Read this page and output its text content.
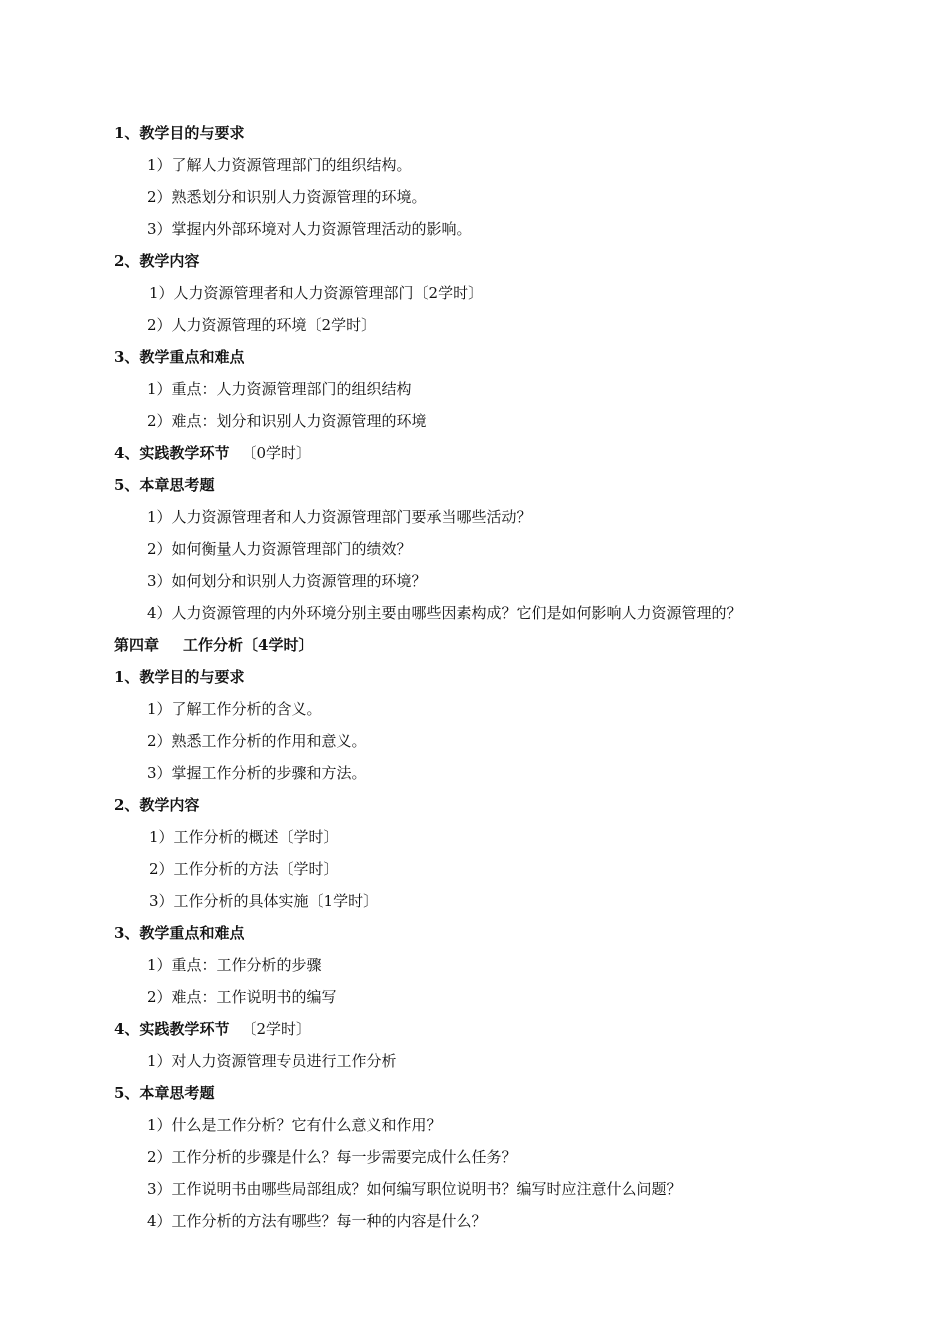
1、教学目的与要求
1）了解人力资源管理部门的组织结构。
2）熟悉划分和识别人力资源管理的环境。
3）掌握内外部环境对人力资源管理活动的影响。
2、教学内容
1）人力资源管理者和人力资源管理部门〔2学时〕
2）人力资源管理的环境〔2学时〕
3、教学重点和难点
1）重点：人力资源管理部门的组织结构
2）难点：划分和识别人力资源管理的环境
4、实践教学环节 〔0学时〕
5、本章思考题
1）人力资源管理者和人力资源管理部门要承当哪些活动？
2）如何衡量人力资源管理部门的绩效？
3）如何划分和识别人力资源管理的环境？
4）人力资源管理的内外环境分别主要由哪些因素构成？它们是如何影响人力资源管理的？
第四章 工作分析〔4学时〕
1、教学目的与要求
1）了解工作分析的含义。
2）熟悉工作分析的作用和意义。
3）掌握工作分析的步骤和方法。
2、教学内容
1）工作分析的概述〔学时〕
2）工作分析的方法〔学时〕
3）工作分析的具体实施〔1学时〕
3、教学重点和难点
1）重点：工作分析的步骤
2）难点：工作说明书的编写
4、实践教学环节 〔2学时〕
1）对人力资源管理专员进行工作分析
5、本章思考题
1）什么是工作分析？它有什么意义和作用？
2）工作分析的步骤是什么？每一步需要完成什么任务？
3）工作说明书由哪些局部组成？如何编写职位说明书？编写时应注意什么问题？
4）工作分析的方法有哪些？每一种的内容是什么？
